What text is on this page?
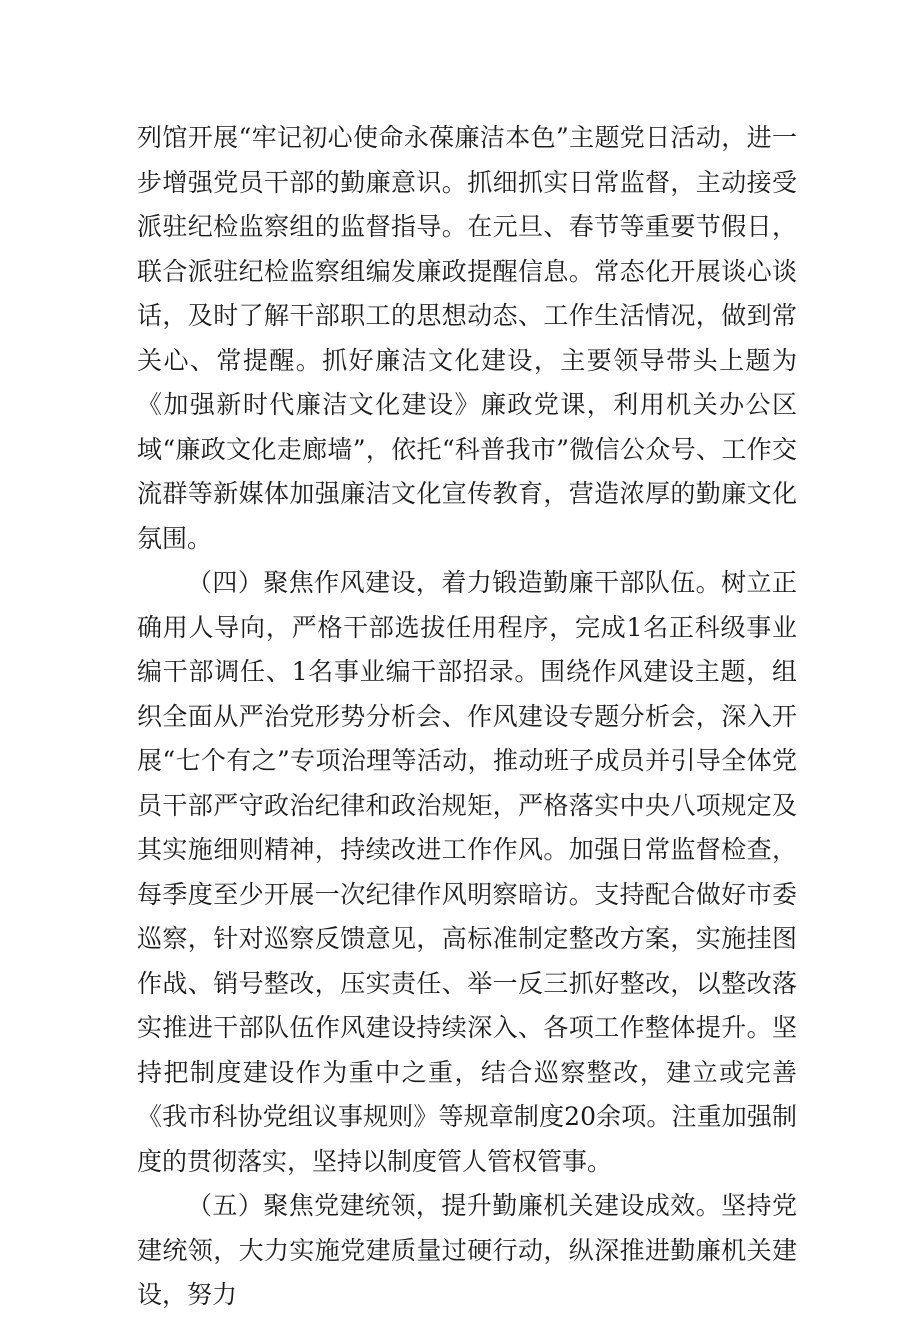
列馆开展“牢记初心使命永葆廉洁本色”主题党日活动，进一步增强党员干部的勤廉意识。抓细抓实日常监督，主动接受派驻纪检监察组的监督指导。在元旦、春节等重要节假日，联合派驻纪检监察组编发廉政提醒信息。常态化开展谈心谈话，及时了解干部职工的思想动态、工作生活情况，做到常关心、常提醒。抓好廉洁文化建设，主要领导带头上题为《加强新时代廉洁文化建设》廉政党课，利用机关办公区域“廉政文化走廊墙”，依托“科普我市”微信公众号、工作交流群等新媒体加强廉洁文化宣传教育，营造浓厚的勤廉文化氛围。

（四）聚焦作风建设，着力锻造勤廉干部队伍。树立正确用人导向，严格干部选拔任用程序，完成1名正科级事业编干部调任、1名事业编干部招录。围绕作风建设主题，组织全面从严治党形势分析会、作风建设专题分析会，深入开展“七个有之”专项治理等活动，推动班子成员并引导全体党员干部严守政治纪律和政治规矩，严格落实中央八项规定及其实施细则精神，持续改进工作作风。加强日常监督检查，每季度至少开展一次纪律作风明察暗访。支持配合做好市委巡察，针对巡察反馈意见，高标准制定整改方案，实施挂图作战、销号整改，压实责任、举一反三抓好整改，以整改落实推进干部队伍作风建设持续深入、各项工作整体提升。坚持把制度建设作为重中之重，结合巡察整改，建立或完善《我市科协党组议事规则》等规章制度20余项。注重加强制度的贯彻落实，坚持以制度管人管权管事。

（五）聚焦党建统领，提升勤廉机关建设成效。坚持党建统领，大力实施党建质量过硬行动，纵深推进勤廉机关建设，努力
